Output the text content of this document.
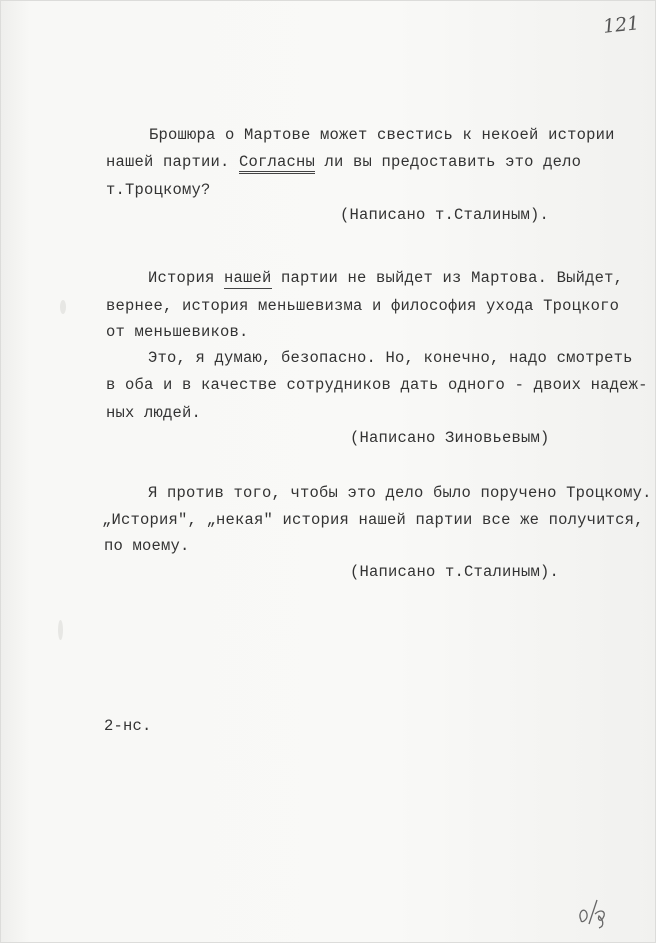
121
Брошюра о Мартове может свестись к некоей истории
нашей партии. Согласны ли вы предоставить это дело
т.Троцкому?
(Написано т.Сталиным).
История нашей партии не выйдет из Мартова. Выйдет,
вернее, история меньшевизма и философия ухода Троцкого
от меньшевиков.
Это, я думаю, безопасно. Но, конечно, надо смотреть
в оба и в качестве сотрудников дать одного - двоих надеж-
ных людей.
(Написано Зиновьевым)
Я против того, чтобы это дело было поручено Троцкому.
„История", „некая" история нашей партии все же получится,
по моему.
(Написано т.Сталиным).
2-нс.
